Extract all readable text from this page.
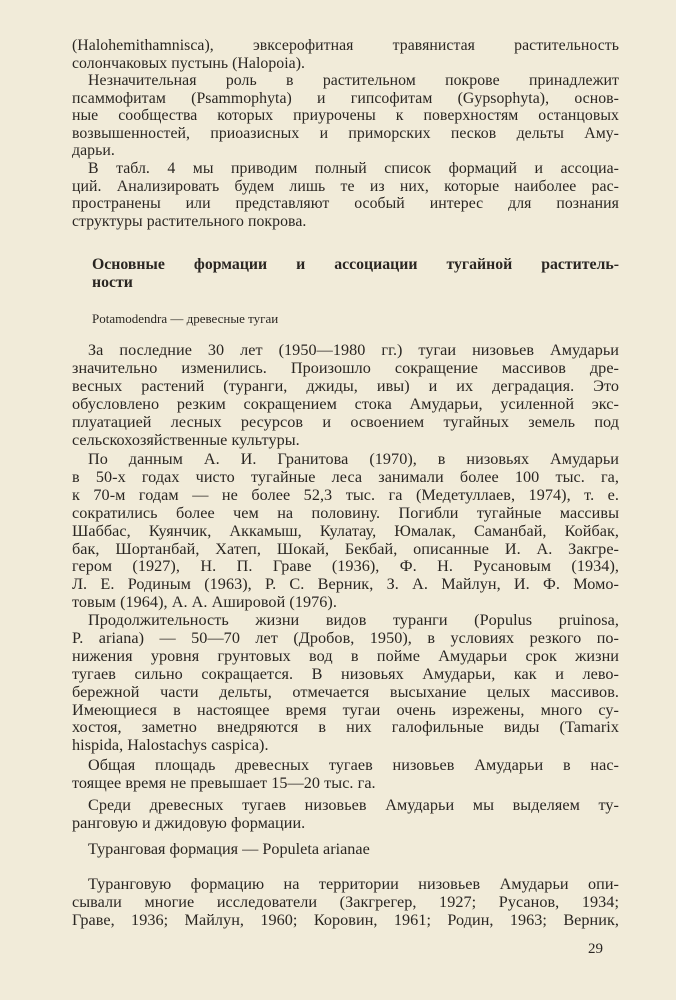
(Halohemithamnisca), эвксерофитная травянистая растительность
солончаковых пустынь (Halopoia).
Незначительная роль в растительном покрове принадлежит
псаммофитам (Psammophyta) и гипсофитам (Gypsophyta), основ-
ные сообщества которых приурочены к поверхностям останцовых
возвышенностей, приоазисных и приморских песков дельты Аму-
дарьи.
В табл. 4 мы приводим полный список формаций и ассоциа-
ций. Анализировать будем лишь те из них, которые наиболее рас-
пространены или представляют особый интерес для познания
структуры растительного покрова.
Основные формации и ассоциации тугайной раститель-
ности
Potamodendra — древесные тугаи
За последние 30 лет (1950—1980 гг.) тугаи низовьев Амударьи
значительно изменились. Произошло сокращение массивов дре-
весных растений (туранги, джиды, ивы) и их деградация. Это
обусловлено резким сокращением стока Амударьи, усиленной экс-
плуатацией лесных ресурсов и освоением тугайных земель под
сельскохозяйственные культуры.
По данным А. И. Гранитова (1970), в низовьях Амударьи
в 50-х годах чисто тугайные леса занимали более 100 тыс. га,
к 70-м годам — не более 52,3 тыс. га (Медетуллаев, 1974), т. е.
сократились более чем на половину. Погибли тугайные массивы
Шаббас, Куянчик, Аккамыш, Кулатау, Юмалак, Саманбай, Койбак,
бак, Шортанбай, Хатеп, Шокай, Бекбай, описанные И. А. Закгре-
гером (1927), Н. П. Граве (1936), Ф. Н. Русановым (1934),
Л. Е. Родиным (1963), Р. С. Верник, З. А. Майлун, И. Ф. Момо-
товым (1964), А. А. Ашировой (1976).
Продолжительность жизни видов туранги (Populus pruinosa,
P. ariana) — 50—70 лет (Дробов, 1950), в условиях резкого по-
нижения уровня грунтовых вод в пойме Амударьи срок жизни
тугаев сильно сокращается. В низовьях Амударьи, как и лево-
бережной части дельты, отмечается высыхание целых массивов.
Имеющиеся в настоящее время тугаи очень изрежены, много су-
хостоя, заметно внедряются в них галофильные виды (Tamarix
hispida, Halostachys caspica).
Общая площадь древесных тугаев низовьев Амударьи в нас-
тоящее время не превышает 15—20 тыс. га.
Среди древесных тугаев низовьев Амударьи мы выделяем ту-
ранговую и джидовую формации.
Туранговая формация — Populeta arianae
Туранговую формацию на территории низовьев Амударьи опи-
сывали многие исследователи (Закгрегер, 1927; Русанов, 1934;
Граве, 1936; Майлун, 1960; Коровин, 1961; Родин, 1963; Верник,
29
